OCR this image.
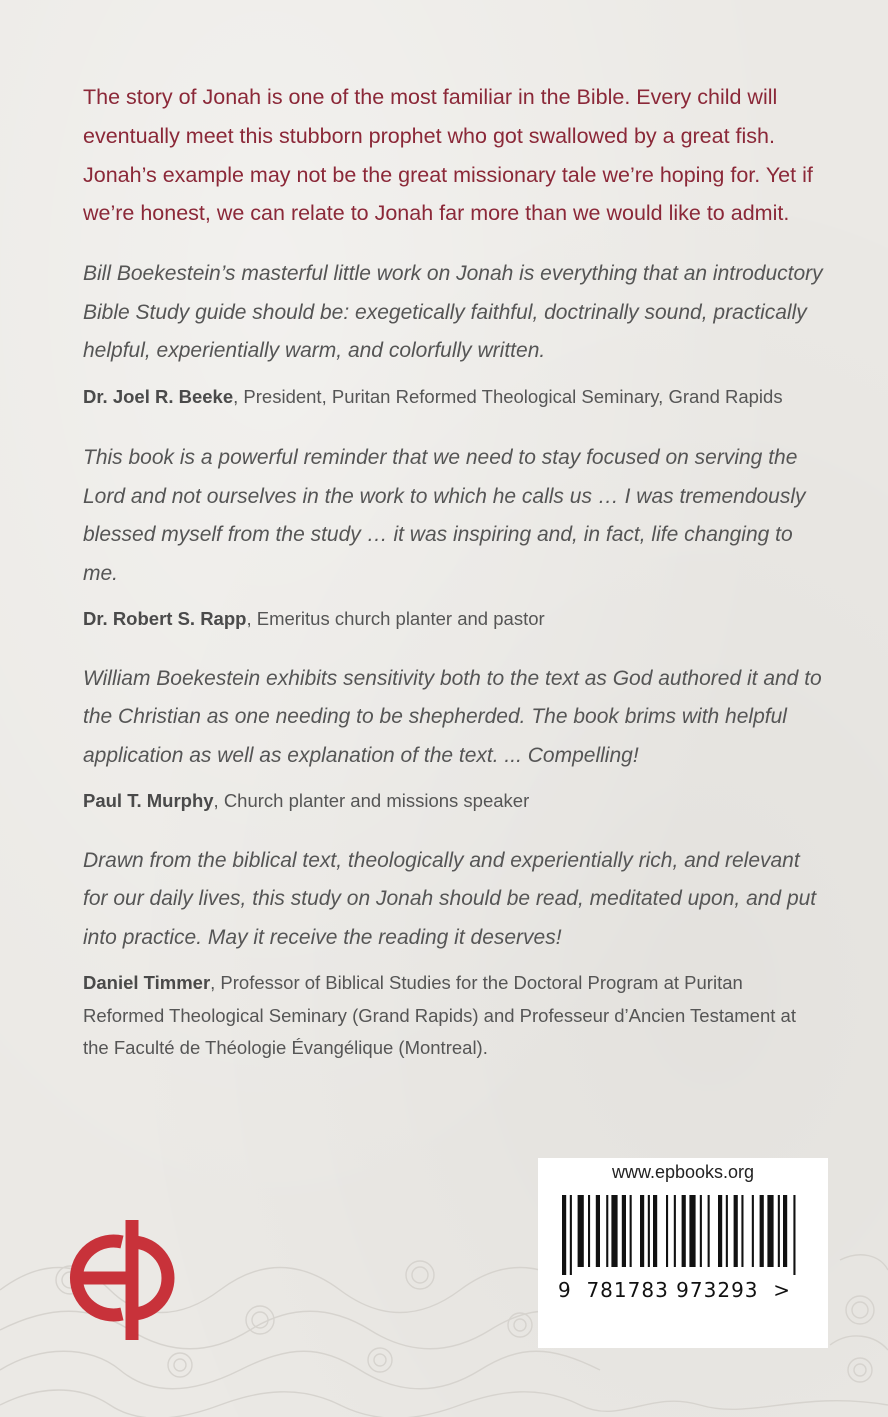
The story of Jonah is one of the most familiar in the Bible. Every child will eventually meet this stubborn prophet who got swallowed by a great fish. Jonah’s example may not be the great missionary tale we’re hoping for. Yet if we’re honest, we can relate to Jonah far more than we would like to admit.

Bill Boekestein’s masterful little work on Jonah is everything that an introductory Bible Study guide should be: exegetically faithful, doctrinally sound, practically helpful, experientially warm, and colorfully written.

Dr. Joel R. Beeke, President, Puritan Reformed Theological Seminary, Grand Rapids

This book is a powerful reminder that we need to stay focused on serving the Lord and not ourselves in the work to which he calls us … I was tremendously blessed myself from the study … it was inspiring and, in fact, life changing to me.

Dr. Robert S. Rapp, Emeritus church planter and pastor

William Boekestein exhibits sensitivity both to the text as God authored it and to the Christian as one needing to be shepherded. The book brims with helpful application as well as explanation of the text. ... Compelling!

Paul T. Murphy, Church planter and missions speaker

Drawn from the biblical text, theologically and experientially rich, and relevant for our daily lives, this study on Jonah should be read, meditated upon, and put into practice. May it receive the reading it deserves!

Daniel Timmer, Professor of Biblical Studies for the Doctoral Program at Puritan Reformed Theological Seminary (Grand Rapids) and Professeur d’Ancien Testament at the Faculté de Théologie Évangélique (Montreal).

www.epbooks.org

9 781783 973293 >
